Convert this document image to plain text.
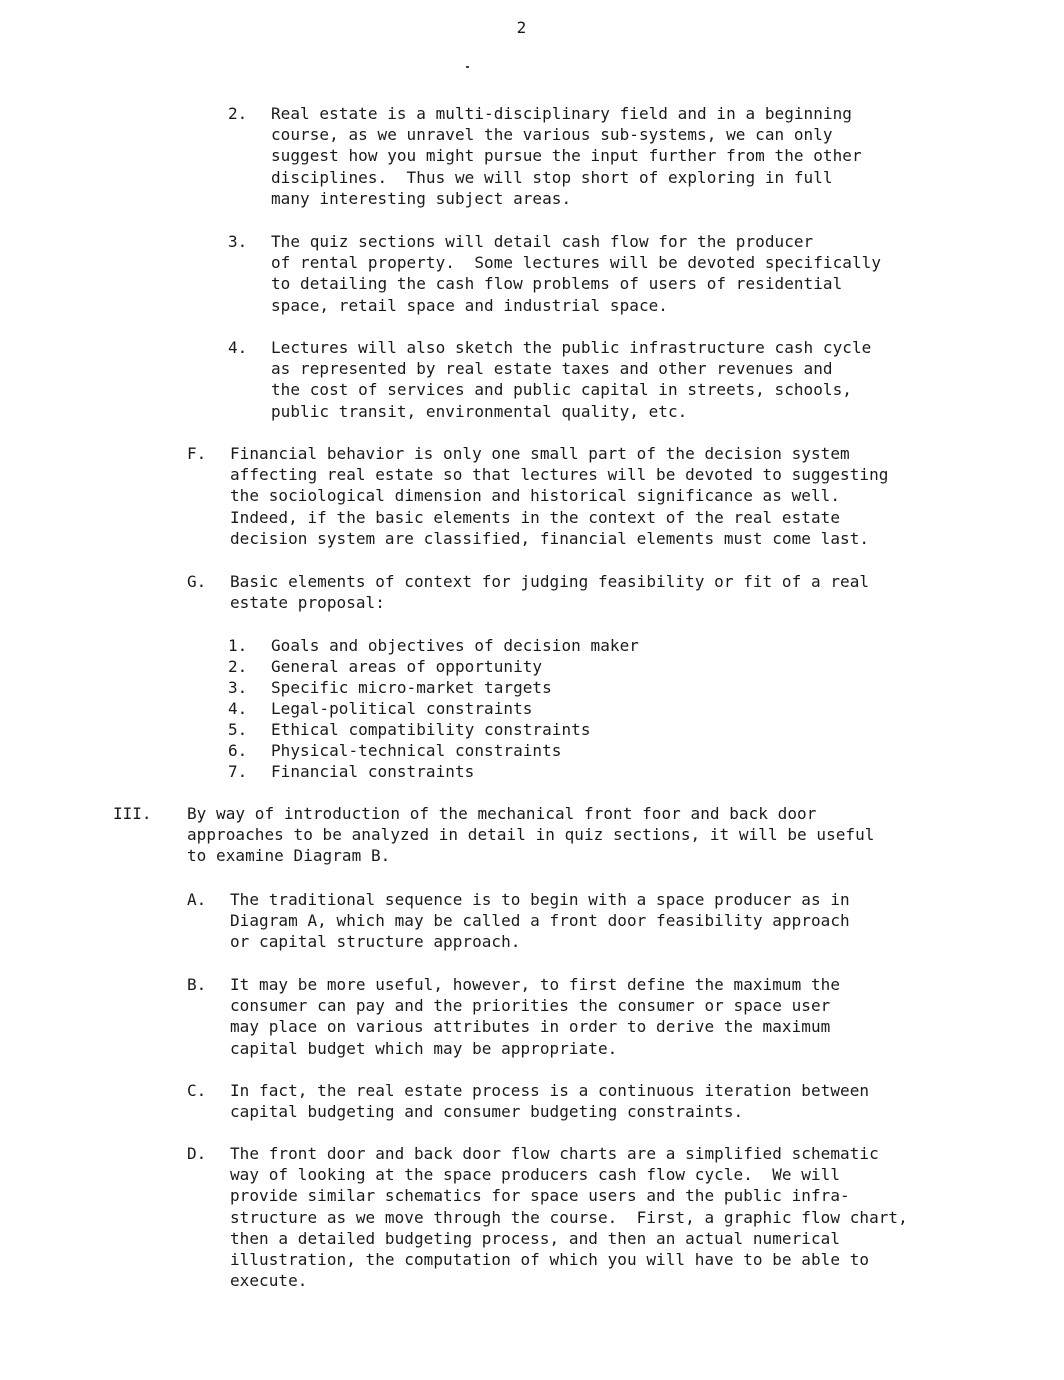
2
2. Real estate is a multi-disciplinary field and in a beginning
course, as we unravel the various sub-systems, we can only
suggest how you might pursue the input further from the other
disciplines.  Thus we will stop short of exploring in full
many interesting subject areas.
3. The quiz sections will detail cash flow for the producer
of rental property.  Some lectures will be devoted specifically
to detailing the cash flow problems of users of residential
space, retail space and industrial space.
4. Lectures will also sketch the public infrastructure cash cycle
as represented by real estate taxes and other revenues and
the cost of services and public capital in streets, schools,
public transit, environmental quality, etc.
F. Financial behavior is only one small part of the decision system
affecting real estate so that lectures will be devoted to suggesting
the sociological dimension and historical significance as well.
Indeed, if the basic elements in the context of the real estate
decision system are classified, financial elements must come last.
G. Basic elements of context for judging feasibility or fit of a real
estate proposal:
1. Goals and objectives of decision maker
2. General areas of opportunity
3. Specific micro-market targets
4. Legal-political constraints
5. Ethical compatibility constraints
6. Physical-technical constraints
7. Financial constraints
III. By way of introduction of the mechanical front foor and back door
approaches to be analyzed in detail in quiz sections, it will be useful
to examine Diagram B.
A. The traditional sequence is to begin with a space producer as in
Diagram A, which may be called a front door feasibility approach
or capital structure approach.
B. It may be more useful, however, to first define the maximum the
consumer can pay and the priorities the consumer or space user
may place on various attributes in order to derive the maximum
capital budget which may be appropriate.
C. In fact, the real estate process is a continuous iteration between
capital budgeting and consumer budgeting constraints.
D. The front door and back door flow charts are a simplified schematic
way of looking at the space producers cash flow cycle.  We will
provide similar schematics for space users and the public infra-
structure as we move through the course.  First, a graphic flow chart,
then a detailed budgeting process, and then an actual numerical
illustration, the computation of which you will have to be able to
execute.
